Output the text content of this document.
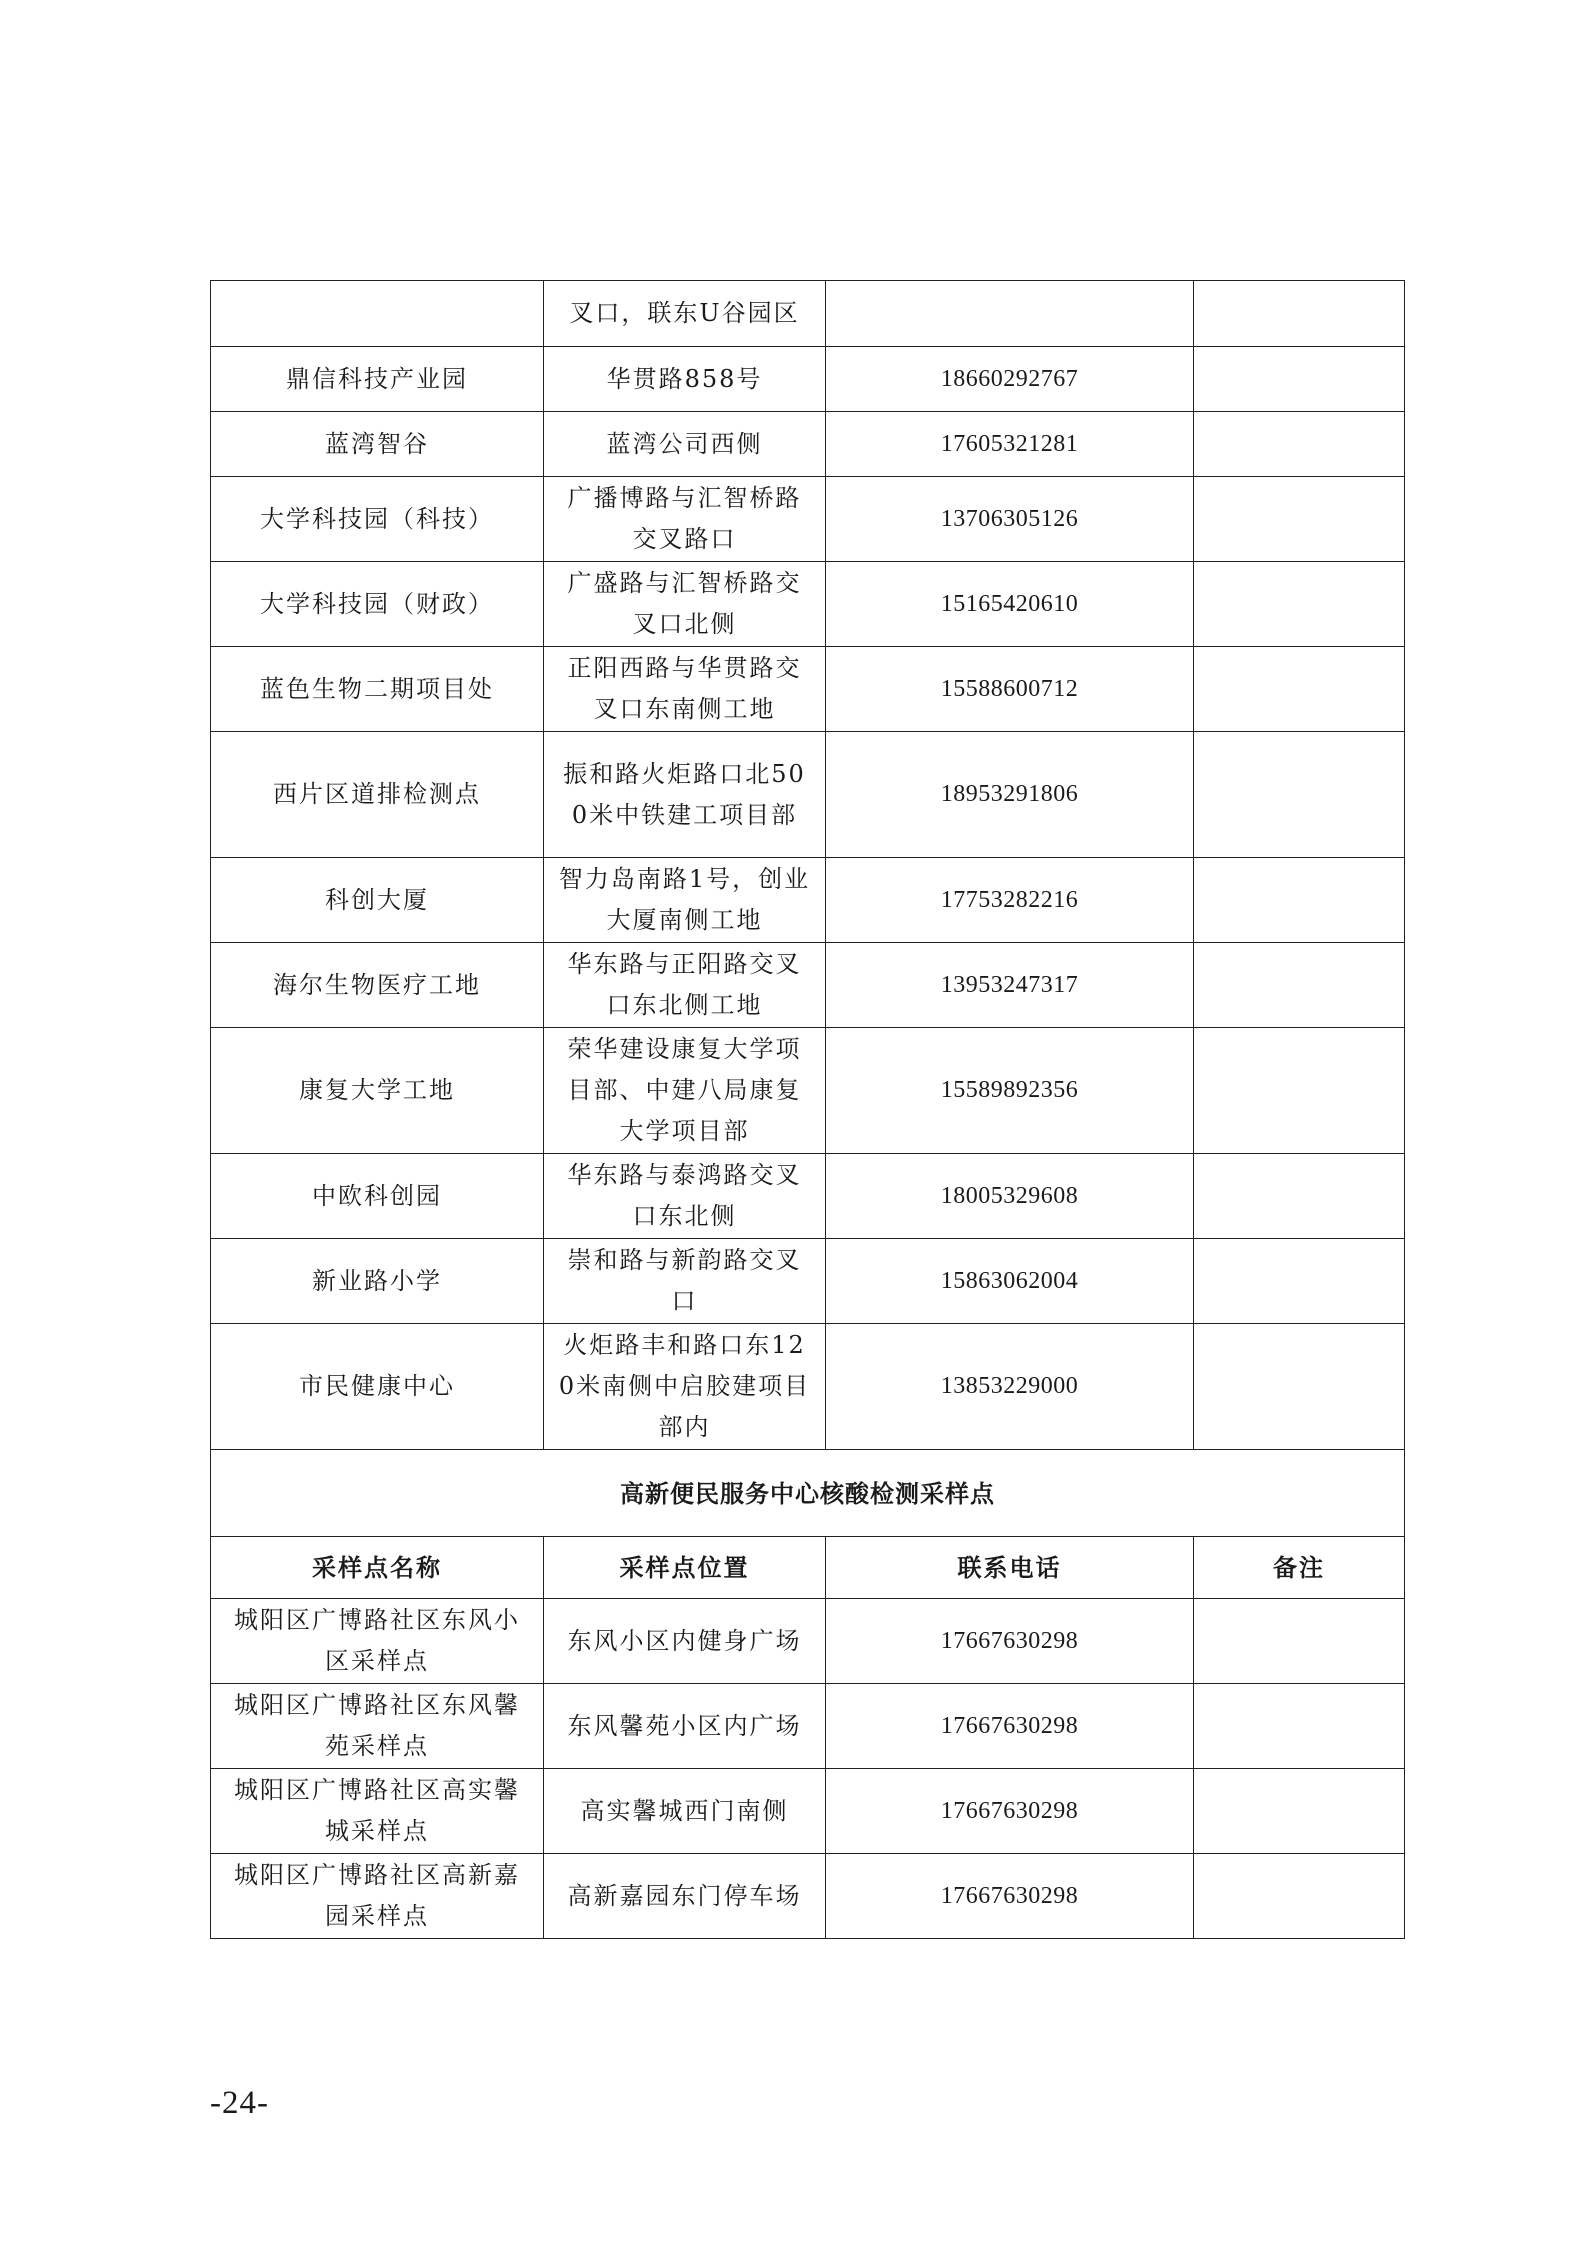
	叉口，联东U谷园区		
鼎信科技产业园	华贯路858号	18660292767	
蓝湾智谷	蓝湾公司西侧	17605321281	
大学科技园（科技）	广播博路与汇智桥路交叉路口	13706305126	
大学科技园（财政）	广盛路与汇智桥路交叉口北侧	15165420610	
蓝色生物二期项目处	正阳西路与华贯路交叉口东南侧工地	15588600712	
西片区道排检测点	振和路火炬路口北500米中铁建工项目部	18953291806	
科创大厦	智力岛南路1号，创业大厦南侧工地	17753282216	
海尔生物医疗工地	华东路与正阳路交叉口东北侧工地	13953247317	
康复大学工地	荣华建设康复大学项目部、中建八局康复大学项目部	15589892356	
中欧科创园	华东路与泰鸿路交叉口东北侧	18005329608	
新业路小学	崇和路与新韵路交叉口	15863062004	
市民健康中心	火炬路丰和路口东120米南侧中启胶建项目部内	13853229000	
高新便民服务中心核酸检测采样点			
采样点名称	采样点位置	联系电话	备注
城阳区广博路社区东风小区采样点	东风小区内健身广场	17667630298	
城阳区广博路社区东风馨苑采样点	东风馨苑小区内广场	17667630298	
城阳区广博路社区高实馨城采样点	高实馨城西门南侧	17667630298	
城阳区广博路社区高新嘉园采样点	高新嘉园东门停车场	17667630298	
-24-
